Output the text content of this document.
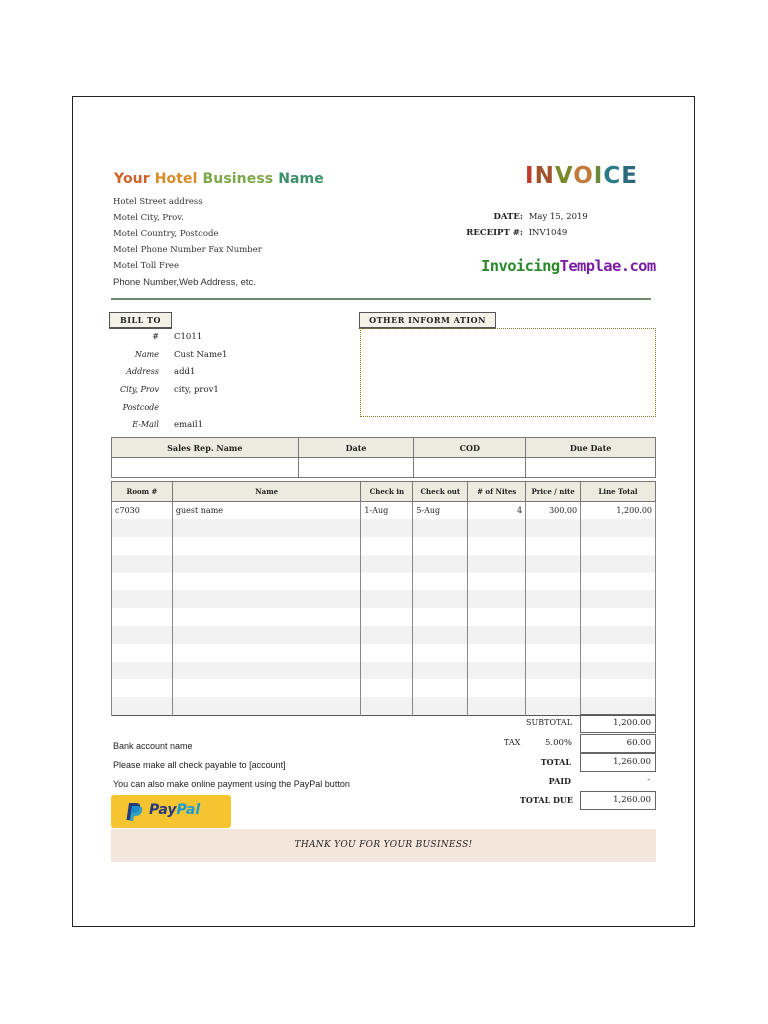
Your Hotel Business Name
Hotel Street address
Motel City, Prov.
Motel Country, Postcode
Motel Phone Number Fax Number
Motel Toll Free
Phone Number,Web Address, etc.
INVOICE
DATE: May 15, 2019
RECEIPT #: INV1049
InvoicingTemplae.com
BILL TO
# C1011
Name Cust Name1
Address add1
City, Prov city, prov1
Postcode
E-Mail email1
OTHER INFORM ATION
Sales Rep. Name	Date	COD	Due Date

Room #	Name	Check in	Check out	# of Nites	Price / nite	Line Total
c7030	guest name	1-Aug	5-Aug	4	300.00	1,200.00

SUBTOTAL	1,200.00
TAX	5.00%	60.00
TOTAL	1,260.00
PAID	-
TOTAL DUE	1,260.00
Bank account name
Please make all check payable to [account]
You can also make online payment using the PayPal button
PayPal
THANK YOU FOR YOUR BUSINESS!
